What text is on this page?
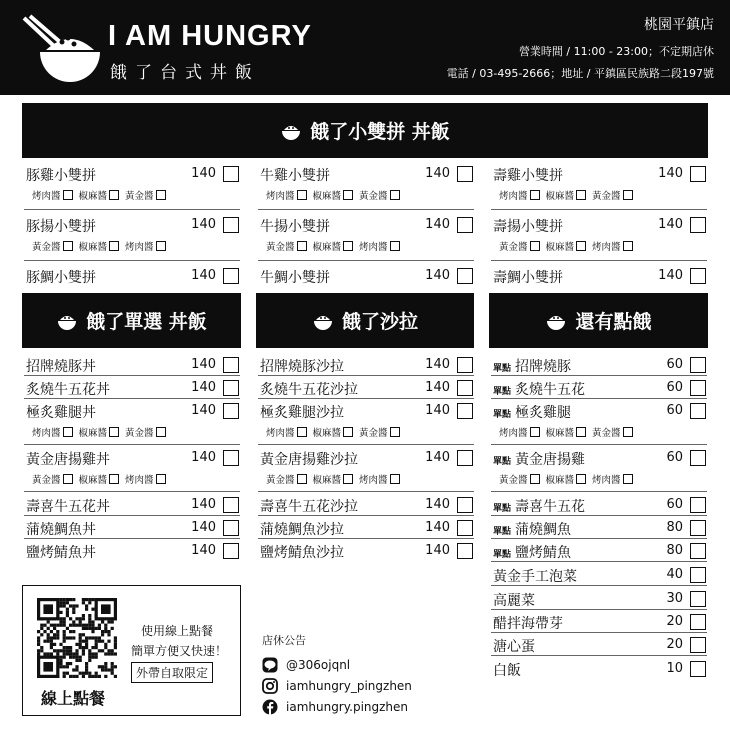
I AM HUNGRY
餓了台式丼飯
桃園平鎮店
營業時間 / 11:00 - 23:00；不定期店休
電話 / 03-495-2666；地址 / 平鎮區民族路二段197號
餓了小雙拼 丼飯
豚雞小雙拼	140
烤肉醬 椒麻醬 黃金醬
牛雞小雙拼	140
烤肉醬 椒麻醬 黃金醬
壽雞小雙拼	140
烤肉醬 椒麻醬 黃金醬
豚揚小雙拼	140
黃金醬 椒麻醬 烤肉醬
牛揚小雙拼	140
黃金醬 椒麻醬 烤肉醬
壽揚小雙拼	140
黃金醬 椒麻醬 烤肉醬
豚鯛小雙拼	140	牛鯛小雙拼	140	壽鯛小雙拼	140
餓了單選 丼飯	餓了沙拉	還有點餓
招牌燒豚丼	140
炙燒牛五花丼	140
極炙雞腿丼	140
烤肉醬 椒麻醬 黃金醬
黃金唐揚雞丼	140
黃金醬 椒麻醬 烤肉醬
壽喜牛五花丼	140
蒲燒鯛魚丼	140
鹽烤鯖魚丼	140
招牌燒豚沙拉	140
炙燒牛五花沙拉	140
極炙雞腿沙拉	140
烤肉醬 椒麻醬 黃金醬
黃金唐揚雞沙拉	140
黃金醬 椒麻醬 烤肉醬
壽喜牛五花沙拉	140
蒲燒鯛魚沙拉	140
鹽烤鯖魚沙拉	140
單點 招牌燒豚	60
單點 炙燒牛五花	60
單點 極炙雞腿	60
烤肉醬 椒麻醬 黃金醬
單點 黃金唐揚雞	60
黃金醬 椒麻醬 烤肉醬
單點 壽喜牛五花	60
單點 蒲燒鯛魚	80
單點 鹽烤鯖魚	80
黃金手工泡菜	40
高麗菜	30
醋拌海帶芽	20
溏心蛋	20
白飯	10
線上點餐
使用線上點餐
簡單方便又快速！
外帶自取限定
店休公告
@306ojqnl
iamhungry_pingzhen
iamhungry.pingzhen
